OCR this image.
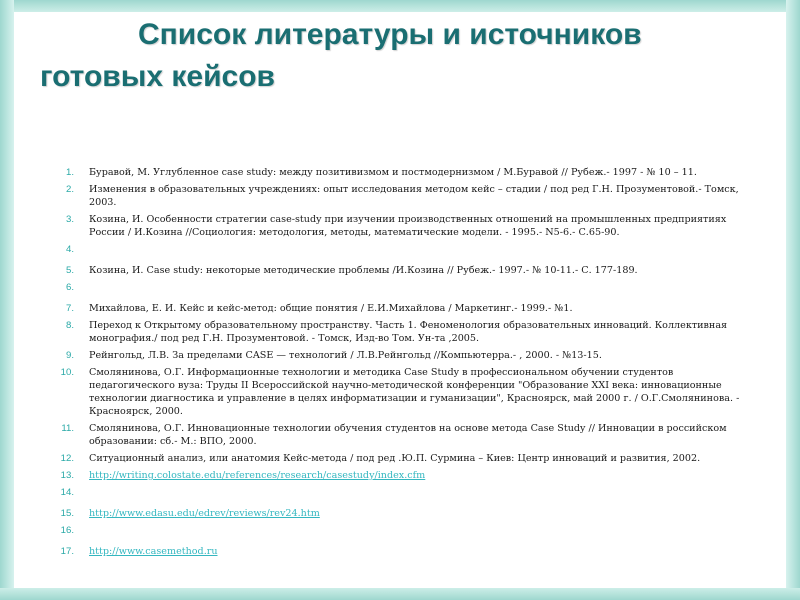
Список литературы и источников
готовых кейсов
1. Буравой, М. Углубленное case study: между позитивизмом и постмодернизмом / М.Буравой // Рубеж.- 1997 - № 10 – 11.
2. Изменения в образовательных учреждениях: опыт исследования методом кейс – стадии / под ред Г.Н. Прозументовой.- Томск, 2003.
3. Козина, И. Особенности стратегии case-study при изучении производственных отношений на промышленных предприятиях России / И.Козина //Социология: методология, методы, математические модели. - 1995.- N5-6.- С.65-90.
4.
5. Козина, И. Case study: некоторые методические проблемы /И.Козина // Рубеж.- 1997.- № 10-11.- С. 177-189.
6.
7. Михайлова, Е. И. Кейс и кейс-метод: общие понятия / Е.И.Михайлова / Маркетинг.- 1999.- №1.
8. Переход к Открытому образовательному пространству. Часть 1. Феноменология образовательных инноваций. Коллективная монография./ под ред Г.Н. Прозументовой. - Томск, Изд-во Том. Ун-та ,2005.
9. Рейнгольд, Л.В. За пределами CASE — технологий / Л.В.Рейнгольд //Компьютерра.- , 2000. - №13-15.
10. Смолянинова, О.Г. Информационные технологии и методика Case Study в профессиональном обучении студентов педагогического вуза: Труды II Всероссийской научно-методической конференции "Образование XXI века: инновационные технологии диагностика и управление в целях информатизации и гуманизации", Красноярск, май 2000 г. / О.Г.Смолянинова. - Красноярск, 2000.
11. Смолянинова, О.Г. Инновационные технологии обучения студентов на основе метода Case Study // Инновации в российском образовании: сб.- М.: ВПО, 2000.
12. Ситуационный анализ, или анатомия Кейс-метода / под ред .Ю.П. Сурмина – Киев: Центр инноваций и развития, 2002.
13. http://writing.colostate.edu/references/research/casestudy/index.cfm
14.
15. http://www.edasu.edu/edrev/reviews/rev24.htm
16.
17. http://www.casemethod.ru
